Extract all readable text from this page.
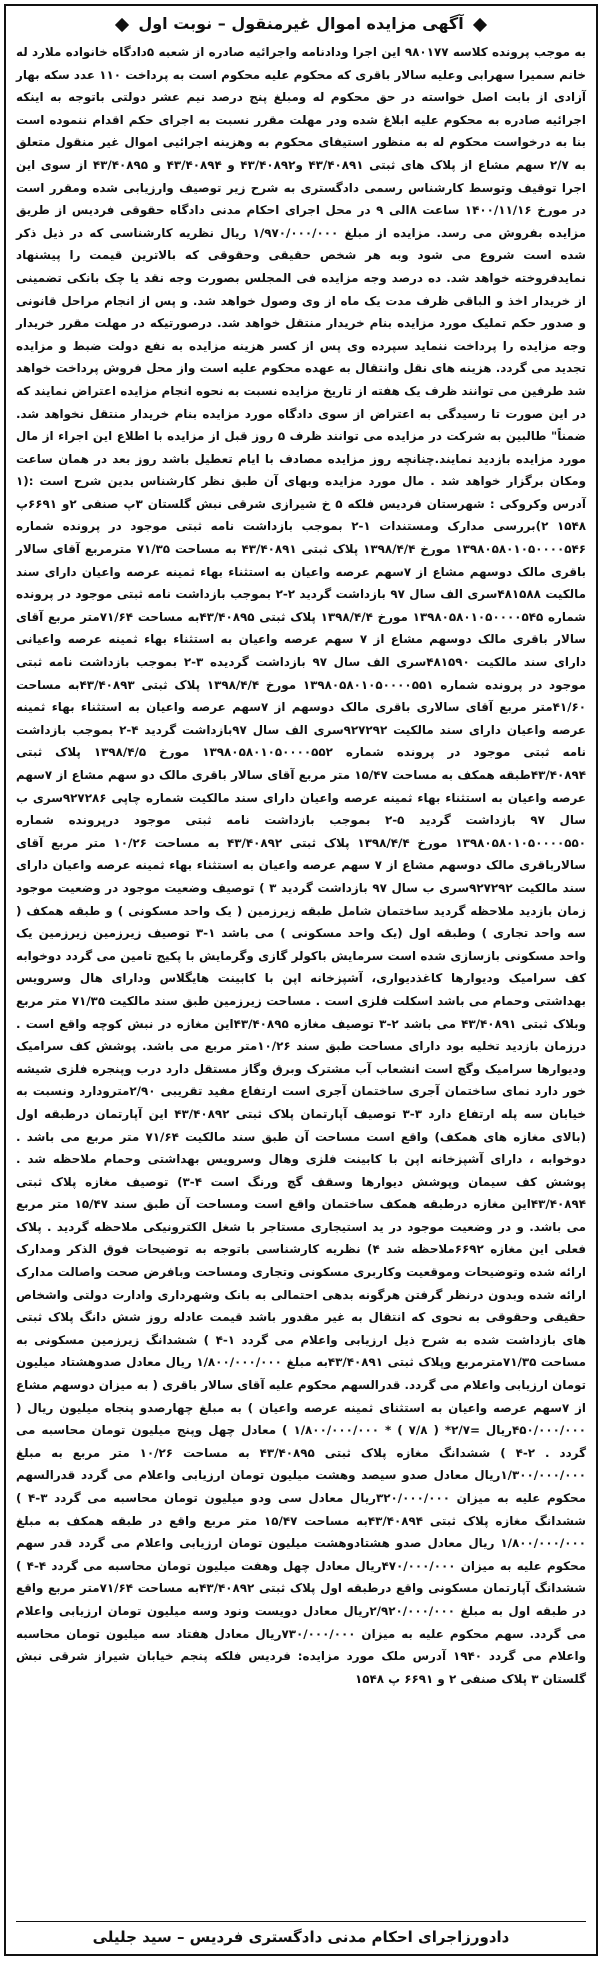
آگهی مزایده اموال غیرمنقول – نوبت اول

به موجب پرونده کلاسه ۹۸۰۱۷۷ این اجرا ودادنامه واجرائیه صادره از شعبه ۵دادگاه خانواده ملارد له خانم سمیرا سهرابی وعلیه سالار باقری که محکوم علیه محکوم است به پرداخت ۱۱۰ عدد سکه بهار آزادی از بابت اصل خواسته در حق محکوم له ومبلغ پنج درصد نیم عشر دولتی باتوجه به اینکه اجرائیه صادره به محکوم علیه ابلاغ شده ودر مهلت مقرر نسبت به اجرای حکم اقدام ننموده است بنا به درخواست محکوم له به منظور استیفای محکوم به وهزینه اجرائیی اموال غیر منقول متعلق به ۲/۷ سهم مشاع از پلاک های ثبتی ۴۳/۴۰۸۹۱ و۴۳/۴۰۸۹۲ و ۴۳/۴۰۸۹۴ و ۴۳/۴۰۸۹۵ از سوی این اجرا توقیف وتوسط کارشناس رسمی دادگستری به شرح زیر توصیف وارزیابی شده ومقرر است در مورخ ۱۴۰۰/۱۱/۱۶ ساعت ۸الی ۹ در محل اجرای احکام مدنی دادگاه حقوقی فردیس از طریق مزایده بفروش می رسد. مزایده از مبلغ ۱/۹۷۰/۰۰۰/۰۰۰ ریال نظریه کارشناسی که در ذیل ذکر شده است شروع می شود وبه هر شخص حقیقی وحقوقی که بالاترین قیمت را پیشنهاد نمایدفروخته خواهد شد. ده درصد وجه مزایده فی المجلس بصورت وجه نقد یا چک بانکی تضمینی از خریدار اخذ و الباقی ظرف مدت یک ماه از وی وصول خواهد شد. و پس از انجام مراحل قانونی و صدور حکم تملیک مورد مزایده بنام خریدار منتقل خواهد شد. درصورتیکه در مهلت مقرر خریدار وجه مزایده را پرداخت ننماید سپرده وی پس از کسر هزینه مزایده به نفع دولت ضبط و مزایده تجدید می گردد. هزینه های نقل وانتقال به عهده محکوم علیه است واز محل فروش پرداخت خواهد شد طرفین می توانند ظرف یک هفته از تاریخ مزایده نسبت به نحوه انجام مزایده اعتراض نمایند که در این صورت تا رسیدگی به اعتراض از سوی دادگاه مورد مزایده بنام خریدار منتقل نخواهد شد. ضمناً" طالبین به شرکت در مزایده می توانند ظرف ۵ روز قبل از مزایده با اطلاع این اجراء از مال مورد مزایده بازدید نمایند.چنانچه روز مزایده مصادف با ایام تعطیل باشد روز بعد در همان ساعت ومکان برگزار خواهد شد . مال مورد مزایده وبهای آن طبق نظر کارشناس بدین شرح است :(۱ آدرس وکروکی : شهرستان فردیس فلکه ۵ خ شیرازی شرقی نبش گلستان ۳پ صنفی ۲و ۶۶۹۱پ ۱۵۴۸ ۲)بررسی مدارک ومستندات ۱-۲ بموجب بازداشت نامه ثبتی موجود در پرونده شماره ۱۳۹۸۰۵۸۰۱۰۵۰۰۰۰۵۴۶ مورخ ۱۳۹۸/۴/۴ پلاک ثبتی ۴۳/۴۰۸۹۱ به مساحت ۷۱/۳۵ مترمربع آقای سالار باقری مالک دوسهم مشاع از ۷سهم عرصه واعیان به استثناء بهاء ثمینه عرصه واعیان دارای سند مالکیت ۴۸۱۵۸۸سری الف سال ۹۷ بازداشت گردید ۲-۲ بموجب بازداشت نامه ثبتی موجود در پرونده شماره ۱۳۹۸۰۵۸۰۱۰۵۰۰۰۰۵۴۵ مورخ ۱۳۹۸/۴/۴ پلاک ثبتی ۴۳/۴۰۸۹۵به مساحت ۷۱/۶۴متر مربع آقای سالار باقری مالک دوسهم مشاع از ۷ سهم عرصه واعیان به استثناء بهاء ثمینه عرصه واعیانی دارای سند مالکیت ۴۸۱۵۹۰سری الف سال ۹۷ بازداشت گردیده ۳-۲ بموجب بازداشت نامه ثبتی موجود در پرونده شماره ۱۳۹۸۰۵۸۰۱۰۵۰۰۰۰۵۵۱ مورخ ۱۳۹۸/۴/۴ پلاک ثبتی ۴۳/۴۰۸۹۳به مساحت ۴۱/۶۰متر مربع آقای سالاری باقری مالک دوسهم از ۷سهم عرصه واعیان به استثناء بهاء ثمینه عرصه واعیان دارای سند مالکیت ۹۲۷۲۹۲سری الف سال ۹۷بازداشت گردید ۴-۲ بموجب بازداشت نامه ثبتی موجود در پرونده شماره ۱۳۹۸۰۵۸۰۱۰۵۰۰۰۰۵۵۲ مورخ ۱۳۹۸/۴/۵ پلاک ثبتی ۴۳/۴۰۸۹۴طبقه همکف به مساحت ۱۵/۴۷ متر مربع آقای سالار باقری مالک دو سهم مشاع از ۷سهم عرصه واعیان به استثناء بهاء ثمینه عرصه واعیان دارای سند مالکیت شماره چاپی ۹۲۷۲۸۶سری ب سال ۹۷ بازداشت گردید ۵-۲ بموجب بازداشت نامه ثبتی موجود درپرونده شماره ۱۳۹۸۰۵۸۰۱۰۵۰۰۰۰۵۵۰ مورخ ۱۳۹۸/۴/۴ پلاک ثبتی ۴۳/۴۰۸۹۲ به مساحت ۱۰/۲۶ متر مربع آقای سالارباقری مالک دوسهم مشاع از ۷ سهم عرصه واعیان به استثناء بهاء ثمینه عرصه واعیان دارای سند مالکیت ۹۲۷۲۹۲سری ب سال ۹۷ بازداشت گردید ۳ ) توصیف وضعیت موجود در وضعیت موجود زمان بازدید ملاحظه گردید ساختمان شامل طبقه زیرزمین ( یک واحد مسکونی ) و طبقه همکف ( سه واحد تجاری ) وطبقه اول (یک واحد مسکونی ) می باشد ۱-۳ توصیف زیرزمین زیرزمین یک واحد مسکونی بازسازی شده است سرمایش باکولر گازی وگرمایش با پکیج تامین می گردد دوخوابه کف سرامیک ودیوارها کاغذدیواری، آشپزخانه اپن با کابینت هایگلاس ودارای هال وسرویس بهداشتی وحمام می باشد اسکلت فلزی است . مساحت زیرزمین طبق سند مالکیت ۷۱/۳۵ متر مربع وبلاک ثبتی ۴۳/۴۰۸۹۱ می باشد ۲-۳ توصیف مغازه ۴۳/۴۰۸۹۵این مغازه در نبش کوچه واقع است . درزمان بازدید تخلیه بود دارای مساحت طبق سند ۱۰/۲۶متر مربع می باشد. پوشش کف سرامیک ودیوارها سرامیک وگچ است انشعاب آب مشترک وبرق وگاز مستقل دارد درب وپنجره فلزی شیشه خور دارد نمای ساختمان آجری ساختمان آجری است ارتفاع مفید تقریبی ۲/۹۰مترودارد ونسبت به خیابان سه پله ارتفاع دارد ۳-۳ توصیف آپارتمان پلاک ثبتی ۴۳/۴۰۸۹۲ این آپارتمان درطبقه اول (بالای مغازه های همکف) واقع است مساحت آن طبق سند مالکیت ۷۱/۶۴ متر مربع می باشد . دوخوابه ، دارای آشپزخانه اپن با کابینت فلزی وهال وسرویس بهداشتی وحمام ملاحظه شد . پوشش کف سیمان وپوشش دیوارها وسقف گچ ورنگ است ۴-۳) توصیف مغازه پلاک ثبتی ۴۳/۴۰۸۹۴این مغازه درطبقه همکف ساختمان واقع است ومساحت آن طبق سند ۱۵/۴۷ متر مربع می باشد. و در وضعیت موجود در ید استیجاری مستاجر با شغل الکترونیکی ملاحظه گردید . پلاک فعلی این مغازه ۶۶۹۲ملاحظه شد ۴) نظریه کارشناسی باتوجه به توضیحات فوق الذکر ومدارک ارائه شده وتوضیحات وموقعیت وکاربری مسکونی وتجاری ومساحت وبافرض صحت واصالت مدارک ارائه شده وبدون درنظر گرفتن هرگونه بدهی احتمالی به بانک وشهرداری وادارت دولتی واشخاص حقیقی وحقوقی به نحوی که انتقال به غیر مقدور باشد قیمت عادله روز شش دانگ پلاک ثبتی های بازداشت شده به شرح ذیل ارزیابی واعلام می گردد ۱-۴ ) ششدانگ زیرزمین مسکونی به مساحت ۷۱/۳۵مترمربع وپلاک ثبتی ۴۳/۴۰۸۹۱به مبلغ ۱/۸۰۰/۰۰۰/۰۰۰ ریال معادل صدوهشتاد میلیون تومان ارزیابی واعلام می گردد. قدرالسهم محکوم علیه آقای سالار باقری ( به میزان دوسهم مشاع از ۷سهم عرصه واعیان به استثنای ثمینه عرصه واعیان ) به مبلغ چهارصدو پنجاه میلیون ریال ( ۴۵۰/۰۰۰/۰۰۰ریال =۲/۷* ( ۷/۸ ) * ۱/۸۰۰/۰۰۰/۰۰۰ ) معادل چهل وپنج میلیون تومان محاسبه می گردد . ۲-۴ ) ششدانگ مغازه پلاک ثبتی ۴۳/۴۰۸۹۵ به مساحت ۱۰/۲۶ متر مربع به مبلغ ۱/۳۰۰/۰۰۰/۰۰۰ریال معادل صدو سیصد وهشت میلیون تومان ارزیابی واعلام می گردد قدرالسهم محکوم علیه به میزان ۳۲۰/۰۰۰/۰۰۰ریال معادل سی ودو میلیون تومان محاسبه می گردد ۳-۴ ) ششدانگ مغازه پلاک ثبتی ۴۳/۴۰۸۹۴به مساحت ۱۵/۴۷ متر مربع واقع در طبقه همکف به مبلغ ۱/۸۰۰/۰۰۰/۰۰۰ ریال معادل صدو هشتادوهشت میلیون تومان ارزیابی واعلام می گردد قدر سهم محکوم علیه به میزان ۴۷۰/۰۰۰/۰۰۰ریال معادل چهل وهفت میلیون تومان محاسبه می گردد ۴-۴ ) ششدانگ آپارتمان مسکونی واقع درطبقه اول پلاک ثبتی ۴۳/۴۰۸۹۲به مساحت ۷۱/۶۴متر مربع واقع در طبقه اول به مبلغ ۲/۹۲۰/۰۰۰/۰۰۰ریال معادل دویست ونود وسه میلیون تومان ارزیابی واعلام می گردد. سهم محکوم علیه به میزان ۷۳۰/۰۰۰/۰۰۰ریال معادل هفتاد سه میلیون تومان محاسبه واعلام می گردد ۱۹۴۰ آدرس ملک مورد مزایده: فردیس فلکه پنجم خیابان شیراز شرقی نبش گلستان ۳ پلاک صنفی ۲ و ۶۶۹۱ پ ۱۵۴۸

دادورزاجرای احکام مدنی دادگستری فردیس – سید جلیلی
